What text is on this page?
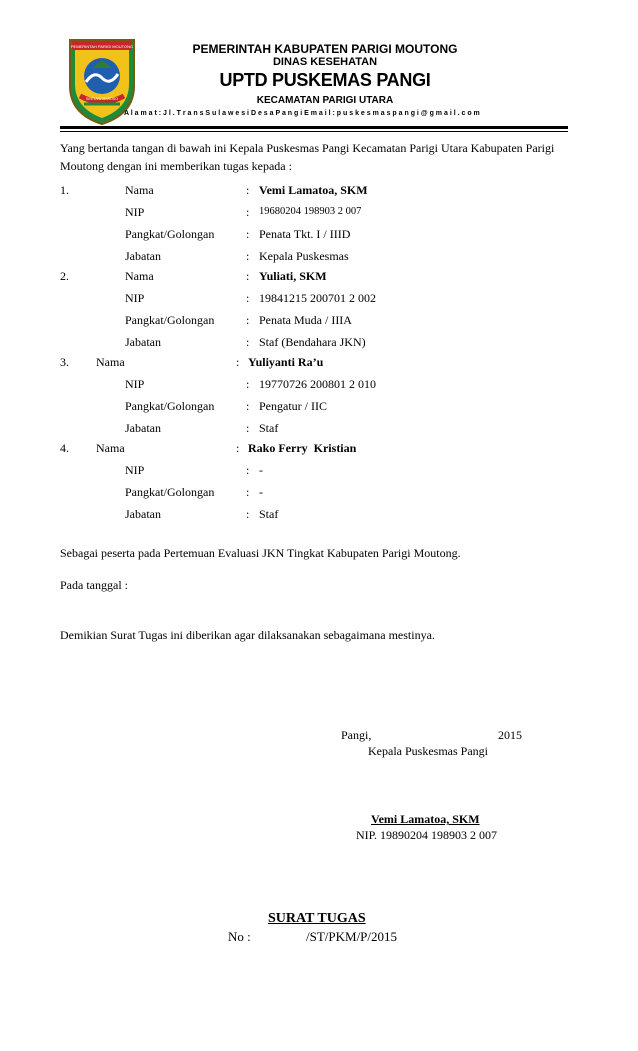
PEMERINTAH PARIGI MOUTONG
SINTUVU MAROSO
PEMERINTAH KABUPATEN PARIGI MOUTONG
DINAS KESEHATAN
UPTD PUSKEMAS PANGI
KECAMATAN PARIGI UTARA
A l a m a t : J l . T r a n s S u l a w e s i D e s a P a n g i E m a i l : p u s k e s m a s p a n g i @ g m a i l . c o m
Yang bertanda tangan di bawah ini Kepala Puskesmas Pangi Kecamatan Parigi Utara Kabupaten Parigi
Moutong dengan ini memberikan tugas kepada :
1.	Nama	: Vemi Lamatoa, SKM
NIP	: 19680204 198903 2 007
Pangkat/Golongan	: Penata Tkt. I / IIID
Jabatan	: Kepala Puskesmas
2.	Nama	: Yuliati, SKM
NIP	: 19841215 200701 2 002
Pangkat/Golongan	: Penata Muda / IIIA
Jabatan	: Staf (Bendahara JKN)
3. Nama	: Yuliyanti Ra’u
NIP	: 19770726 200801 2 010
Pangkat/Golongan	: Pengatur / IIC
Jabatan	: Staf
4. Nama	: Rako Ferry  Kristian
NIP	: -
Pangkat/Golongan	: -
Jabatan	: Staf
Sebagai peserta pada Pertemuan Evaluasi JKN Tingkat Kabupaten Parigi Moutong.
Pada tanggal :
Demikian Surat Tugas ini diberikan agar dilaksanakan sebagaimana mestinya.
Pangi,	2015
Kepala Puskesmas Pangi
Vemi Lamatoa, SKM
NIP. 19890204 198903 2 007
SURAT TUGAS
No :	/ST/PKM/P/2015
